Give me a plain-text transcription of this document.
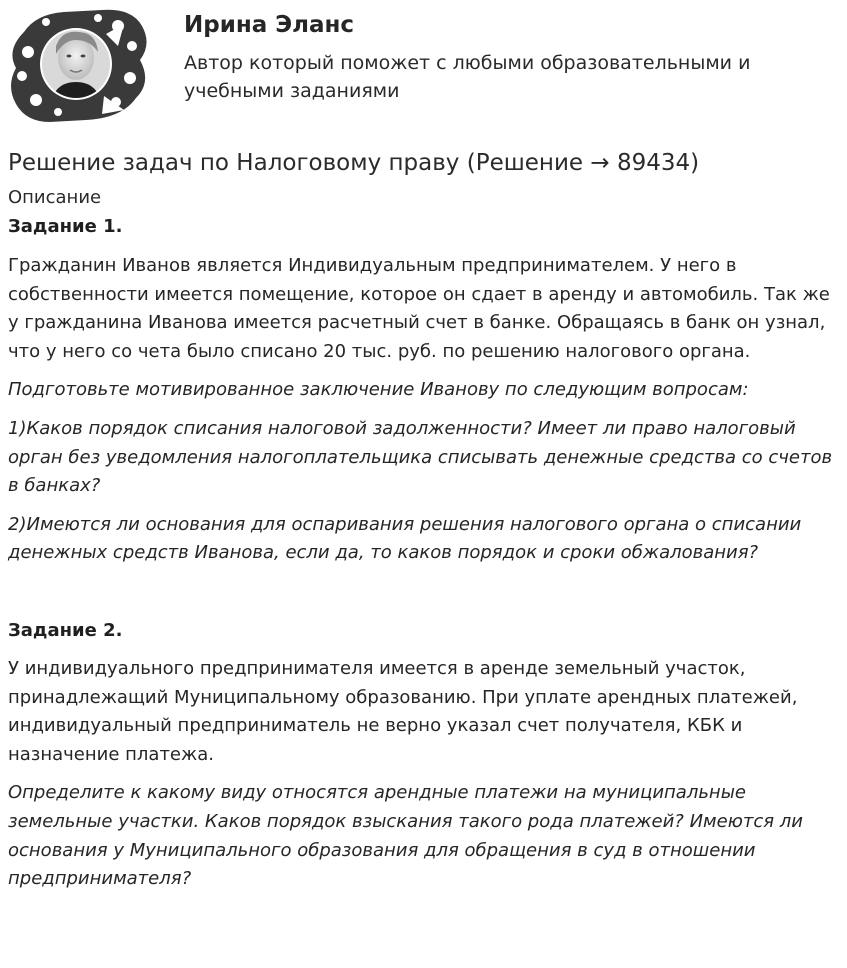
Ирина Эланс
Автор который поможет с любыми образовательными и учебными заданиями
Решение задач по Налоговому праву (Решение → 89434)
Описание
Задание 1.

Гражданин Иванов является Индивидуальным предпринимателем. У него в собственности имеется помещение, которое он сдает в аренду и автомобиль. Так же у гражданина Иванова имеется расчетный счет в банке. Обращаясь в банк он узнал, что у него со чета было списано 20 тыс. руб. по решению налогового органа.

Подготовьте мотивированное заключение Иванову по следующим вопросам:

1)Каков порядок списания налоговой задолженности? Имеет ли право налоговый орган без уведомления налогоплательщика списывать денежные средства со счетов в банках?

2)Имеются ли основания для оспаривания решения налогового органа о списании денежных средств Иванова, если да, то каков порядок и сроки обжалования?

Задание 2.

У индивидуального предпринимателя имеется в аренде земельный участок, принадлежащий Муниципальному образованию. При уплате арендных платежей, индивидуальный предприниматель не верно указал счет получателя, КБК и назначение платежа.

Определите к какому виду относятся арендные платежи на муниципальные земельные участки. Каков порядок взыскания такого рода платежей? Имеются ли основания у Муниципального образования для обращения в суд в отношении предпринимателя?
